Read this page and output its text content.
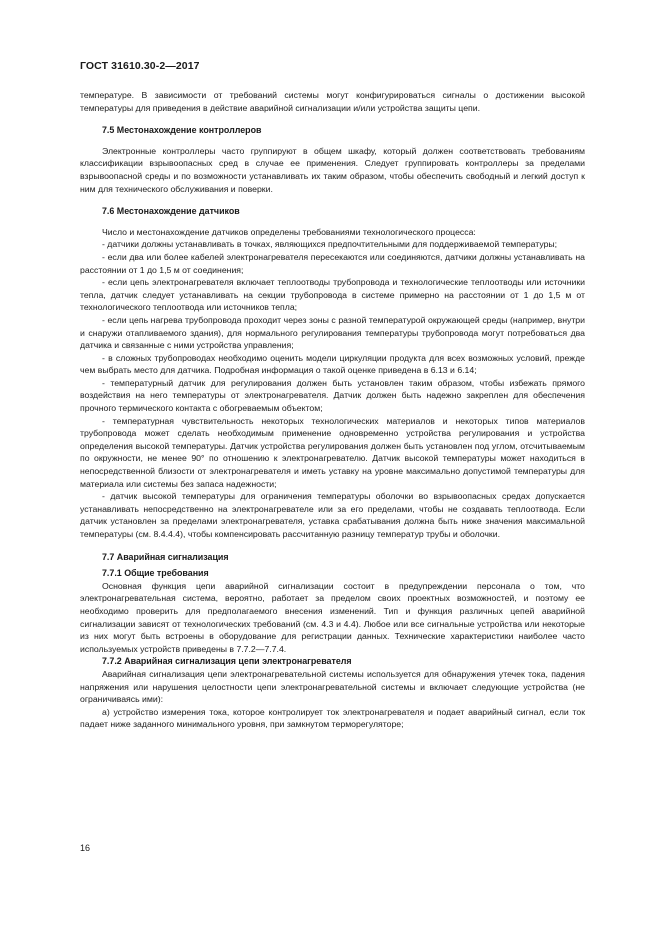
ГОСТ 31610.30-2—2017

температуре. В зависимости от требований системы могут конфигурироваться сигналы о достижении высокой температуры для приведения в действие аварийной сигнализации и/или устройства защиты цепи.

7.5 Местонахождение контроллеров

Электронные контроллеры часто группируют в общем шкафу, который должен соответствовать требованиям классификации взрывоопасных сред в случае ее применения. Следует группировать контроллеры за пределами взрывоопасной среды и по возможности устанавливать их таким образом, чтобы обеспечить свободный и легкий доступ к ним для технического обслуживания и поверки.

7.6 Местонахождение датчиков

Число и местонахождение датчиков определены требованиями технологического процесса:

- датчики должны устанавливать в точках, являющихся предпочтительными для поддерживаемой температуры;

- если два или более кабелей электронагревателя пересекаются или соединяются, датчики должны устанавливать на расстоянии от 1 до 1,5 м от соединения;

- если цепь электронагревателя включает теплоотводы трубопровода и технологические теплоотводы или источники тепла, датчик следует устанавливать на секции трубопровода в системе примерно на расстоянии от 1 до 1,5 м от технологического теплоотвода или источников тепла;

- если цепь нагрева трубопровода проходит через зоны с разной температурой окружающей среды (например, внутри и снаружи отапливаемого здания), для нормального регулирования температуры трубопровода могут потребоваться два датчика и связанные с ними устройства управления;

- в сложных трубопроводах необходимо оценить модели циркуляции продукта для всех возможных условий, прежде чем выбрать место для датчика. Подробная информация о такой оценке приведена в 6.13 и 6.14;

- температурный датчик для регулирования должен быть установлен таким образом, чтобы избежать прямого воздействия на него температуры от электронагревателя. Датчик должен быть надежно закреплен для обеспечения прочного термического контакта с обогреваемым объектом;

- температурная чувствительность некоторых технологических материалов и некоторых типов материалов трубопровода может сделать необходимым применение одновременно устройства регулирования и устройства определения высокой температуры. Датчик устройства регулирования должен быть установлен под углом, отсчитываемым по окружности, не менее 90° по отношению к электронагревателю. Датчик высокой температуры может находиться в непосредственной близости от электронагревателя и иметь уставку на уровне максимально допустимой температуры для материала или системы без запаса надежности;

- датчик высокой температуры для ограничения температуры оболочки во взрывоопасных средах допускается устанавливать непосредственно на электронагревателе или за его пределами, чтобы не создавать теплоотвода. Если датчик установлен за пределами электронагревателя, уставка срабатывания должна быть ниже значения максимальной температуры (см. 8.4.4.4), чтобы компенсировать рассчитанную разницу температур трубы и оболочки.

7.7 Аварийная сигнализация

7.7.1 Общие требования

Основная функция цепи аварийной сигнализации состоит в предупреждении персонала о том, что электронагревательная система, вероятно, работает за пределом своих проектных возможностей, и поэтому ее необходимо проверить для предполагаемого внесения изменений. Тип и функция различных цепей аварийной сигнализации зависят от технологических требований (см. 4.3 и 4.4). Любое или все сигнальные устройства или некоторые из них могут быть встроены в оборудование для регистрации данных. Технические характеристики наиболее часто используемых устройств приведены в 7.7.2—7.7.4.

7.7.2 Аварийная сигнализация цепи электронагревателя

Аварийная сигнализация цепи электронагревательной системы используется для обнаружения утечек тока, падения напряжения или нарушения целостности цепи электронагревательной системы и включает следующие устройства (не ограничиваясь ими):

а) устройство измерения тока, которое контролирует ток электронагревателя и подает аварийный сигнал, если ток падает ниже заданного минимального уровня, при замкнутом терморегуляторе;

16
